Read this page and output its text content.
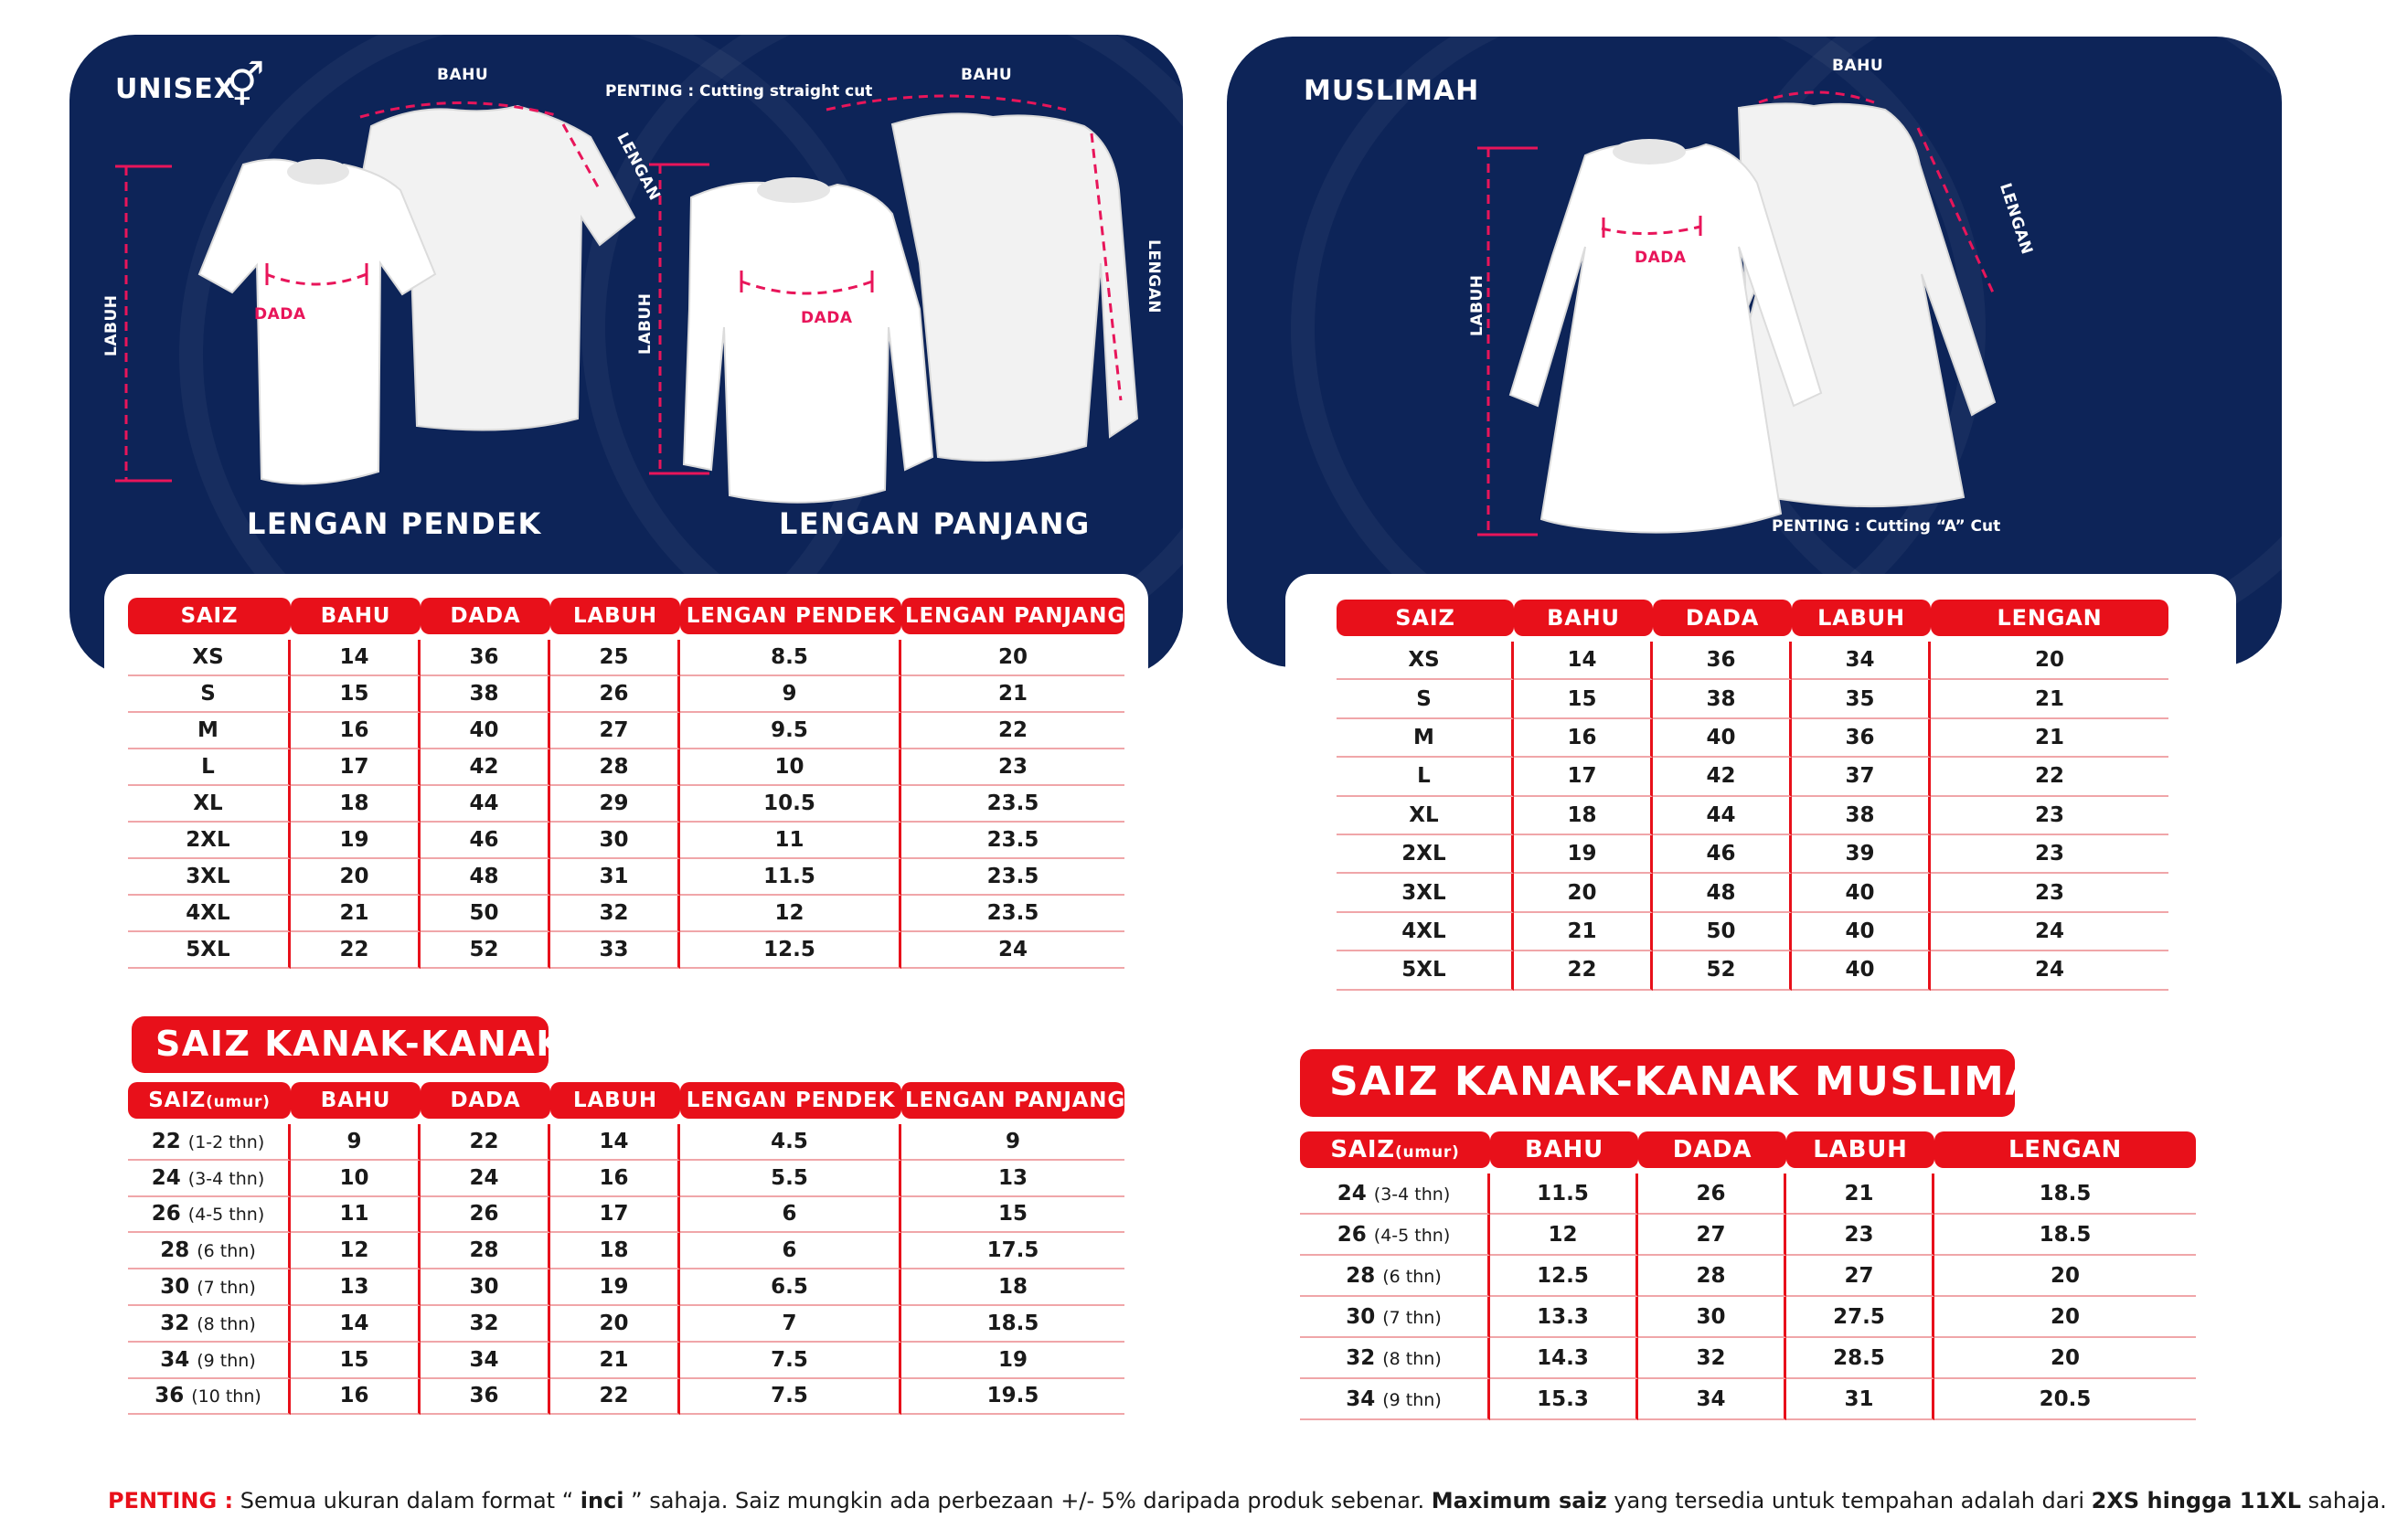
UNISEX
⚥	BAHU	BAHU
LENGAN
LENGAN
LABUH	LABUH
PENTING : Cutting straight cut
DADA	DADA
LENGAN PENDEK	LENGAN PANJANG
MUSLIMAH
BAHU
LENGAN
LABUH
DADA
PENTING : Cutting “A” Cut
SAIZ	BAHU	DADA	LABUH	LENGAN PENDEK	LENGAN PANJANG

XS	14	36	25	8.5	20
S	15	38	26	9	21
M	16	40	27	9.5	22
L	17	42	28	10	23
XL	18	44	29	10.5	23.5
2XL	19	46	30	11	23.5
3XL	20	48	31	11.5	23.5
4XL	21	50	32	12	23.5
5XL	22	52	33	12.5	24
SAIZ	BAHU	DADA	LABUH	LENGAN

XS	14	36	34	20
S	15	38	35	21
M	16	40	36	21
L	17	42	37	22
XL	18	44	38	23
2XL	19	46	39	23
3XL	20	48	40	23
4XL	21	50	40	24
5XL	22	52	40	24
SAIZ KANAK-KANAK
SAIZ(umur)	BAHU	DADA	LABUH	LENGAN PENDEK	LENGAN PANJANG

22 (1-2 thn)	9	22	14	4.5	9
24 (3-4 thn)	10	24	16	5.5	13
26 (4-5 thn)	11	26	17	6	15
28 (6 thn)	12	28	18	6	17.5
30 (7 thn)	13	30	19	6.5	18
32 (8 thn)	14	32	20	7	18.5
34 (9 thn)	15	34	21	7.5	19
36 (10 thn)	16	36	22	7.5	19.5
SAIZ KANAK-KANAK MUSLIMAH
SAIZ(umur)	BAHU	DADA	LABUH	LENGAN

24 (3-4 thn)	11.5	26	21	18.5
26 (4-5 thn)	12	27	23	18.5
28 (6 thn)	12.5	28	27	20
30 (7 thn)	13.3	30	27.5	20
32 (8 thn)	14.3	32	28.5	20
34 (9 thn)	15.3	34	31	20.5
PENTING : Semua ukuran dalam format “ inci ” sahaja. Saiz mungkin ada perbezaan +/- 5% daripada produk sebenar. Maximum saiz yang tersedia untuk tempahan adalah dari 2XS hingga 11XL sahaja.
